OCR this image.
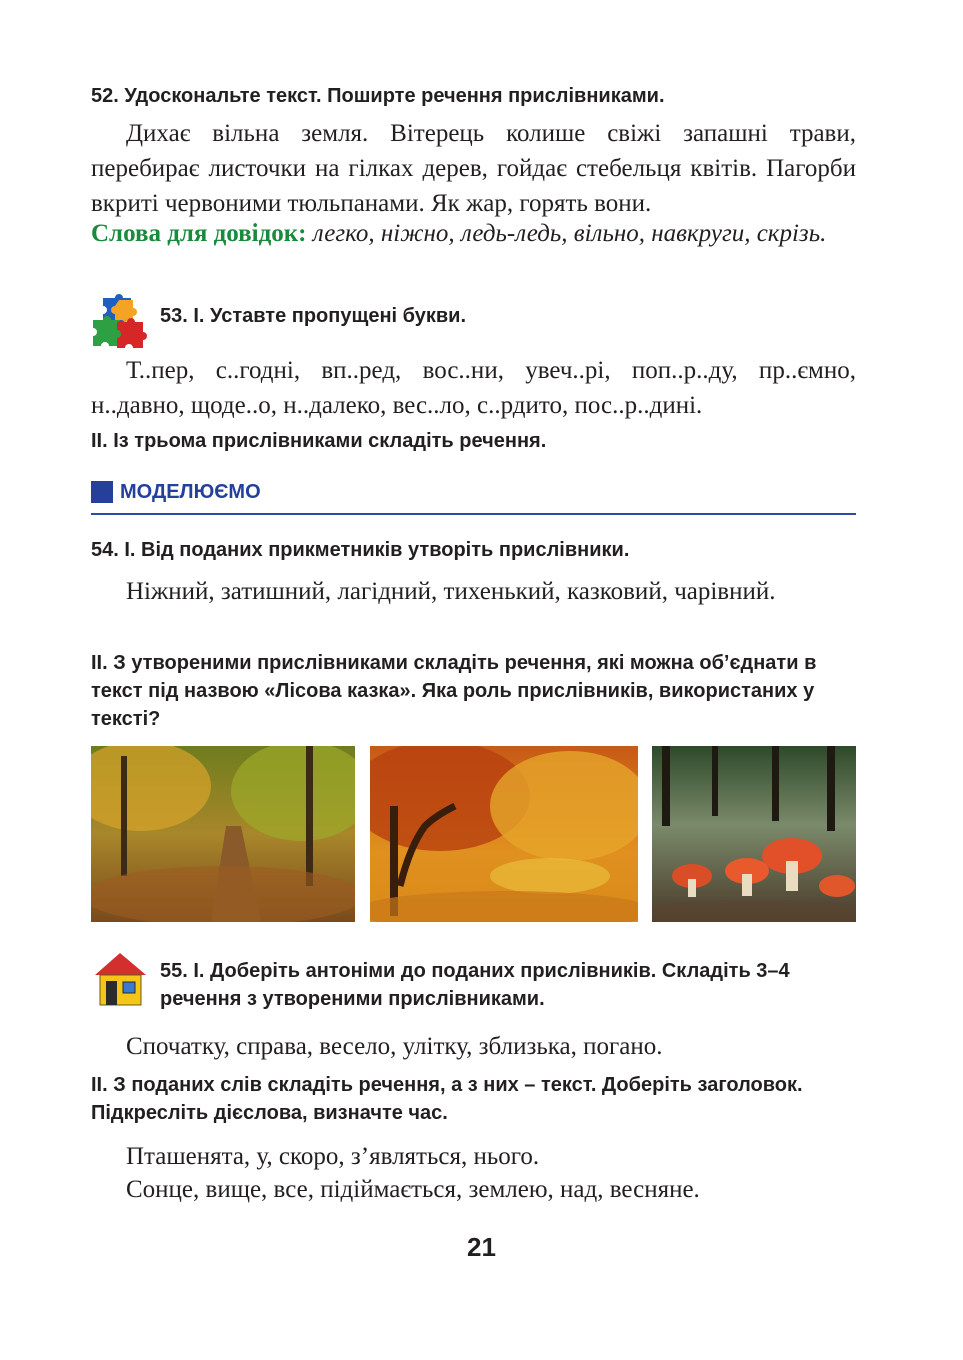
52. Удоскональте текст. Поширте речення прислівниками.
Дихає вільна земля. Вітерець колише свіжі запашні трави, перебирає листочки на гілках дерев, гойдає стебельця квітів. Пагорби вкриті червоними тюльпанами. Як жар, горять вони.
Слова для довідок: легко, ніжно, ледь-ледь, вільно, навкруги, скрізь.
53. І. Уставте пропущені букви.
Т..пер, с..годні, вп..ред, вос..ни, увеч..рі, поп..р..ду, пр..ємно, н..давно, щоде..о, н..далеко, вес..ло, с..рдито, пос..р..дині.
ІІ. Із трьома прислівниками складіть речення.
МОДЕЛЮЄМО
54. І. Від поданих прикметників утворіть прислівники.
Ніжний, затишний, лагідний, тихенький, казковий, чарівний.
ІІ. З утвореними прислівниками складіть речення, які можна об’єднати в текст під назвою «Лісова казка». Яка роль прислівників, використаних у тексті?
55. І. Доберіть антоніми до поданих прислівників. Складіть 3–4 речення з утвореними прислівниками.
Спочатку, справа, весело, улітку, зблизька, погано.
ІІ. З поданих слів складіть речення, а з них – текст. Доберіть заголовок. Підкресліть дієслова, визначте час.
Пташенята, у, скоро, з’являться, нього.
Сонце, вище, все, підіймається, землею, над, весняне.
21
